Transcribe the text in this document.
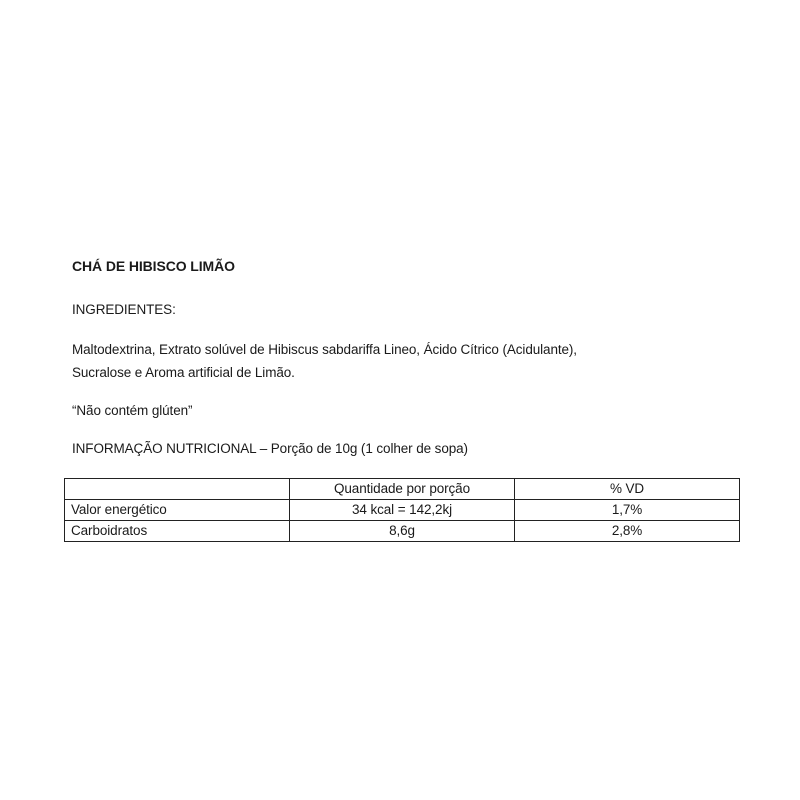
CHÁ DE HIBISCO LIMÃO

INGREDIENTES:

Maltodextrina, Extrato solúvel de Hibiscus sabdariffa Lineo, Ácido Cítrico (Acidulante),

Sucralose e Aroma artificial de Limão.

“Não contém glúten”

INFORMAÇÃO NUTRICIONAL – Porção de 10g (1 colher de sopa)

	Quantidade por porção	% VD
Valor energético	34 kcal = 142,2kj	1,7%
Carboidratos	8,6g	2,8%
